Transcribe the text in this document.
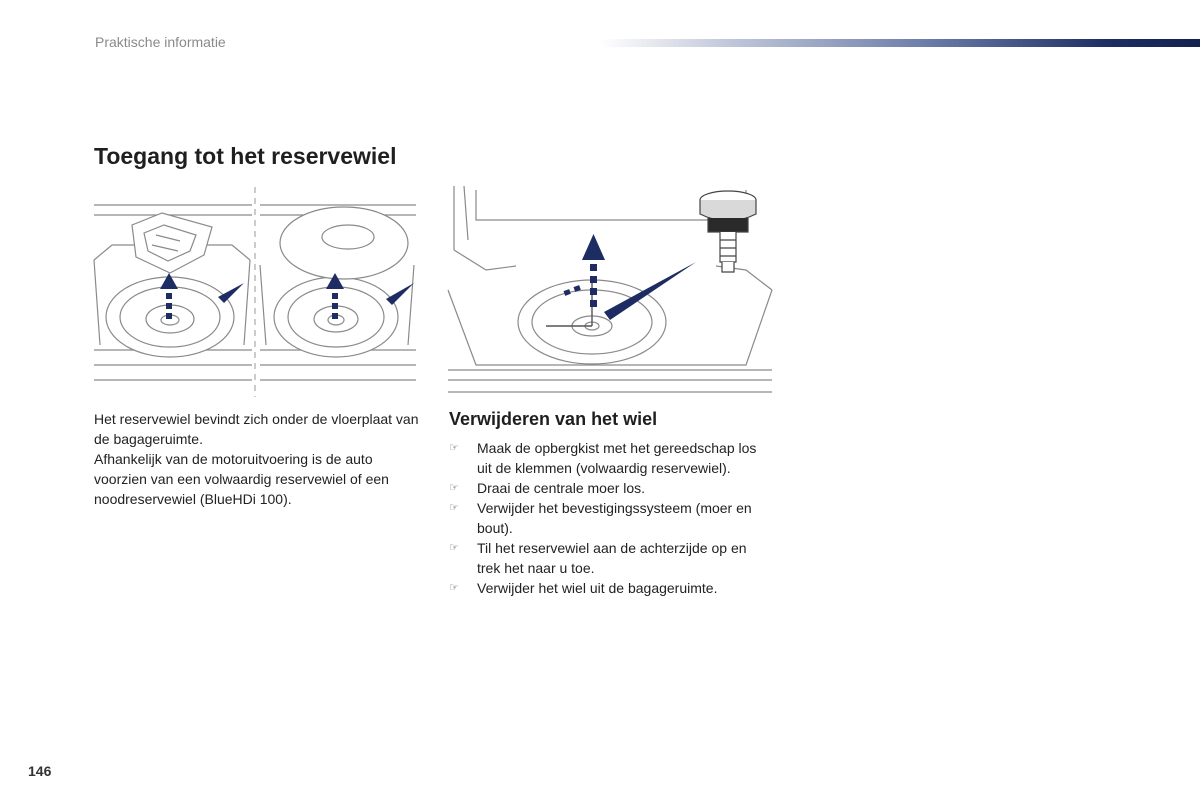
Praktische informatie
Toegang tot het reservewiel

Het reservewiel bevindt zich onder de vloerplaat van de bagageruimte.

Afhankelijk van de motoruitvoering is de auto voorzien van een volwaardig reservewiel of een noodreservewiel (BlueHDi 100).

Verwijderen van het wiel
☞ Maak de opbergkist met het gereedschap los uit de klemmen (volwaardig reservewiel).
☞ Draai de centrale moer los.
☞ Verwijder het bevestigingssysteem (moer en bout).
☞ Til het reservewiel aan de achterzijde op en trek het naar u toe.
☞ Verwijder het wiel uit de bagageruimte.
146
